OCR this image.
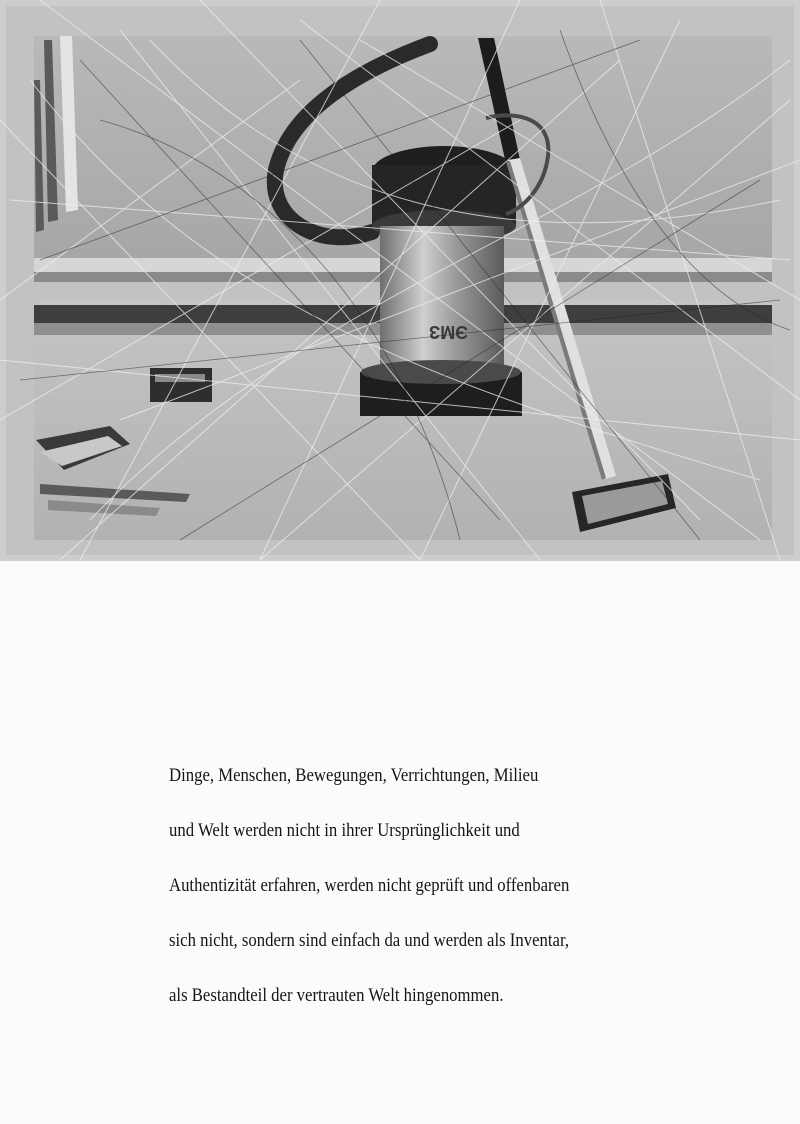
ЭМЗ

Dinge, Menschen, Bewegungen, Verrichtungen, Milieu

und Welt werden nicht in ihrer Ursprünglichkeit und

Authentizität erfahren, werden nicht geprüft und offenbaren

sich nicht, sondern sind einfach da und werden als Inventar,

als Bestandteil der vertrauten Welt hingenommen.
